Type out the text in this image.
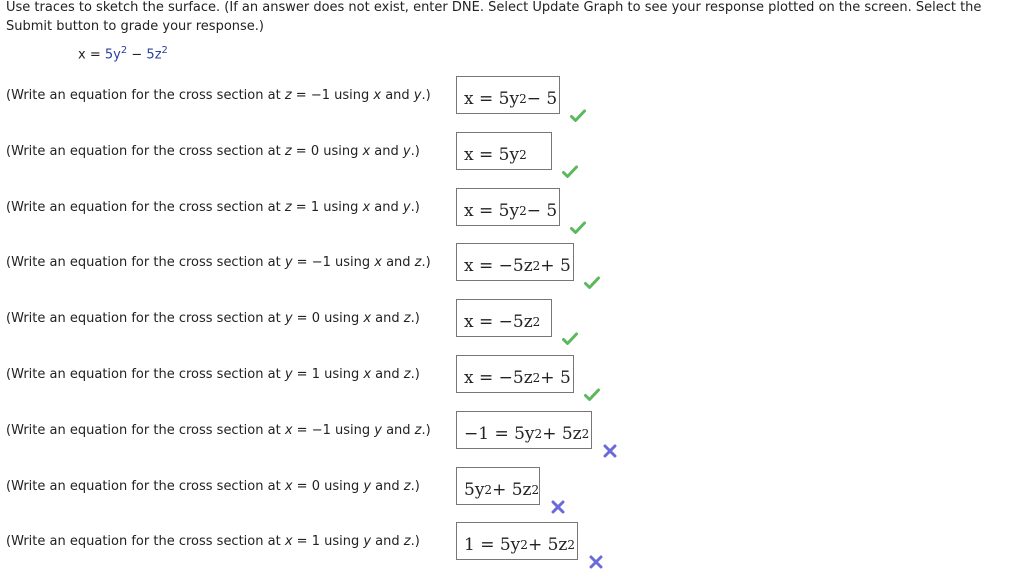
Use traces to sketch the surface. (If an answer does not exist, enter DNE. Select Update Graph to see your response plotted on the screen. Select the Submit button to grade your response.)
$x = 5y^2 - 5z^2$
(Write an equation for the cross section at z = −1 using x and y.) $x = 5y^2 - 5$
(Write an equation for the cross section at z = 0 using x and y.)	$x = 5y^2$
(Write an equation for the cross section at z = 1 using x and y.)	$x = 5y^2 - 5$
(Write an equation for the cross section at y = −1 using x and z.) $x = -5z^2 + 5$
(Write an equation for the cross section at y = 0 using x and z.)	$x = -5z^2$
(Write an equation for the cross section at y = 1 using x and z.)	$x = -5z^2 + 5$
(Write an equation for the cross section at x = −1 using y and $z.) -1 = 5y^2 + 5z^2$
(Write an equation for the cross section at x = 0 using y and z.)	$5y^2 + 5z^2$
(Write an equation for the cross section at x = 1 using y and z.)	$1 = 5y^2 + 5z^2$
